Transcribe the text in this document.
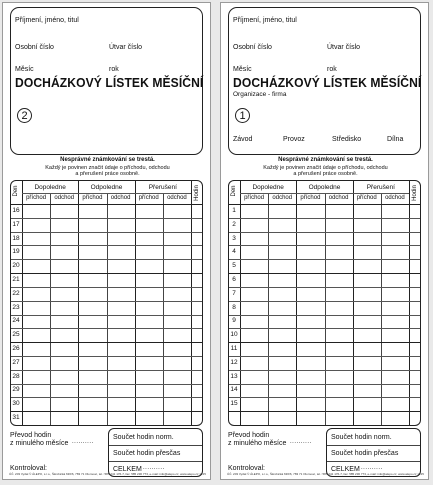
Příjmení, jméno, titul
Osobní číslo	Útvar číslo
Měsíc	rok
DOCHÁZKOVÝ LÍSTEK MĚSÍČNÍ
2
Nesprávné známkování se trestá.
Každý je povinen značit údaje o příchodu, odchodu
a přerušení práce osobně.
Dopoledne	Odpoledne	Přerušení
příchod	odchod	příchod	odchod	příchod	odchod
Den	Hodin
16
17
18
19
20
21
22
23
24
25
26
27
28
29
30
31
Převod hodin
z minulého měsíce ..........
Kontroloval:
Součet hodin norm.
Součet hodin přesčas
CELKEM ..........
ÚČ. 203 Vydal © ÁLEPO, s.r.o., Škrobická 636/6, 783 71 Olomouc, tel.: 585 241 176-7, fax: 585 230 773, e-mail: info@alepo.cz, www.alepo.cz 1215
Příjmení, jméno, titul
Osobní číslo	Útvar číslo
Měsíc	rok
DOCHÁZKOVÝ LÍSTEK MĚSÍČNÍ
Organizace - firma
1
Závod	Provoz	Středisko	Dílna
Nesprávné známkování se trestá.
Každý je povinen značit údaje o příchodu, odchodu
a přerušení práce osobně.
Dopoledne	Odpoledne	Přerušení
příchod	odchod	příchod	odchod	příchod	odchod
Den	Hodin
1
2
3
4
5
6
7
8
9
10
11
12
13
14
15
Převod hodin
z minulého měsíce ..........
Kontroloval:
Součet hodin norm.
Součet hodin přesčas
CELKEM ..........
ÚČ. 203 Vydal © ÁLEPO, s.r.o., Škrobická 636/6, 783 71 Olomouc, tel.: 585 241 176-7, fax: 585 230 773, e-mail: info@alepo.cz, www.alepo.cz 1215
